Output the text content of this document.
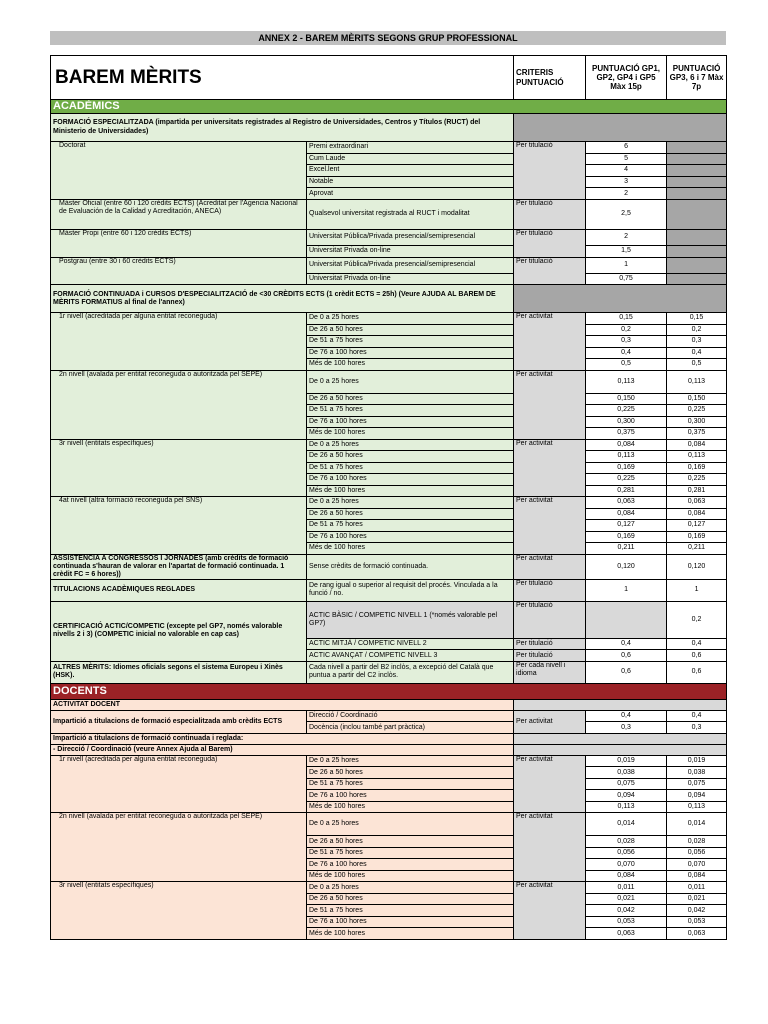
ANNEX 2 - BAREM MÈRITS SEGONS GRUP PROFESSIONAL
BAREM MÈRITS		CRITERIS PUNTUACIÓ	PUNTUACIÓ GP1, GP2, GP4 i GP5 Màx 15p	PUNTUACIÓ GP3, 6 i 7 Màx 7p
ACADÈMICS				
FORMACIÓ ESPECIALITZADA (impartida per universitats registrades al Registro de Universidades, Centros y Títulos (RUCT) del Ministerio de Universidades)				
Doctorat	Premi extraordinari	Per titulació	6	
	Cum Laude		5	
	Excel.lent		4	
	Notable		3	
	Aprovat		2	
Màster Oficial (entre 60 i 120 crèdits ECTS) (Acreditat per l'Agencia Nacional de Evaluación de la Calidad y Acreditación, ANECA)	Qualsevol universitat registrada al RUCT i modalitat	Per titulació	2,5	
Màster Propi (entre 60 i 120 crèdits ECTS)	Universitat Pública/Privada presencial/semipresencial	Per titulació	2	
	Universitat Privada on-line		1,5	
Postgrau (entre 30 i 60 crèdits ECTS)	Universitat Pública/Privada presencial/semipresencial	Per titulació	1	
	Universitat Privada on-line		0,75	
FORMACIÓ CONTINUADA i CURSOS D'ESPECIALITZACIÓ de <30 CRÈDITS ECTS (1 crèdit ECTS = 25h) (Veure AJUDA AL BAREM DE MÈRITS FORMATIUS al final de l'annex)				
1r nivell (acreditada per alguna entitat reconeguda)	De 0 a 25 hores	Per activitat	0,15	0,15
	De 26 a 50 hores		0,2	0,2
	De 51 a 75 hores		0,3	0,3
	De 76 a 100 hores		0,4	0,4
	Més de 100 hores		0,5	0,5
2n nivell (avalada per entitat reconeguda o autoritzada pel SEPE)	De 0 a 25 hores	Per activitat	0,113	0,113
	De 26 a 50 hores		0,150	0,150
	De 51 a 75 hores		0,225	0,225
	De 76 a 100 hores		0,300	0,300
	Més de 100 hores		0,375	0,375
3r nivell (entitats específiques)	De 0 a 25 hores	Per activitat	0,084	0,084
	De 26 a 50 hores		0,113	0,113
	De 51 a 75 hores		0,169	0,169
	De 76 a 100 hores		0,225	0,225
	Més de 100 hores		0,281	0,281
4at nivell (altra formació reconeguda pel SNS)	De 0 a 25 hores	Per activitat	0,063	0,063
	De 26 a 50 hores		0,084	0,084
	De 51 a 75 hores		0,127	0,127
	De 76 a 100 hores		0,169	0,169
	Més de 100 hores		0,211	0,211
ASSISTÈNCIA A CONGRESSOS I JORNADES (amb crèdits de formació continuada s'hauran de valorar en l'apartat de formació continuada. 1 crèdit FC = 6 hores))	Sense crèdits de formació continuada.	Per activitat	0,120	0,120
TITULACIONS ACADÈMIQUES REGLADES	De rang igual o superior al requisit del procés. Vinculada a la funció / no.	Per titulació	1	1
CERTIFICACIÓ ACTIC/COMPETIC (excepte pel GP7, només valorable nivells 2 i 3) (COMPETIC inicial no valorable en cap cas)	ACTIC BÀSIC / COMPETIC NIVELL 1 (*només valorable pel GP7)	Per titulació		0,2
	ACTIC MITJÀ / COMPETIC NIVELL 2	Per titulació	0,4	0,4
	ACTIC AVANÇAT / COMPETIC NIVELL 3	Per titulació	0,6	0,6
ALTRES MÈRITS: Idiomes oficials segons el sistema Europeu i Xinès (HSK).	Cada nivell a partir del B2 inclòs, a excepció del Català que puntua a partir del C2 inclòs.	Per cada nivell i idioma	0,6	0,6
DOCENTS				
ACTIVITAT DOCENT				
Impartició a titulacions de formació especialitzada amb crèdits ECTS	Direcció / Coordinació	Per activitat	0,4	0,4
	Docència (inclou també part pràctica)		0,3	0,3
Impartició a titulacions de formació continuada i reglada:				
- Direcció / Coordinació (veure Annex Ajuda al Barem)				
1r nivell (acreditada per alguna entitat reconeguda)	De 0 a 25 hores	Per activitat	0,019	0,019
	De 26 a 50 hores		0,038	0,038
	De 51 a 75 hores		0,075	0,075
	De 76 a 100 hores		0,094	0,094
	Més de 100 hores		0,113	0,113
2n nivell (avalada per entitat reconeguda o autoritzada pel SEPE)	De 0 a 25 hores	Per activitat	0,014	0,014
	De 26 a 50 hores		0,028	0,028
	De 51 a 75 hores		0,056	0,056
	De 76 a 100 hores		0,070	0,070
	Més de 100 hores		0,084	0,084
3r nivell (entitats específiques)	De 0 a 25 hores	Per activitat	0,011	0,011
	De 26 a 50 hores		0,021	0,021
	De 51 a 75 hores		0,042	0,042
	De 76 a 100 hores		0,053	0,053
	Més de 100 hores		0,063	0,063
